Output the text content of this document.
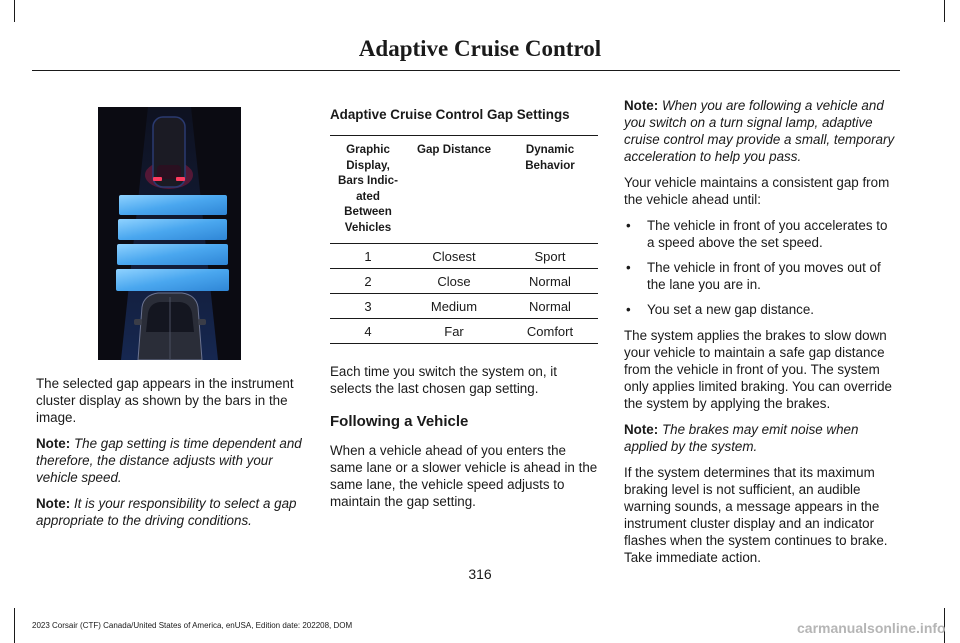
Adaptive Cruise Control

The selected gap appears in the instrument cluster display as shown by the bars in the image.

Note: The gap setting is time dependent and therefore, the distance adjusts with your vehicle speed.

Note: It is your responsibility to select a gap appropriate to the driving conditions.

Adaptive Cruise Control Gap Settings
Graphic Display, Bars Indic-ated Between Vehicles	Gap Distance	Dynamic Behavior
1	Closest	Sport
2	Close	Normal
3	Medium	Normal
4	Far	Comfort

Each time you switch the system on, it selects the last chosen gap setting.

Following a Vehicle

When a vehicle ahead of you enters the same lane or a slower vehicle is ahead in the same lane, the vehicle speed adjusts to maintain the gap setting.

Note: When you are following a vehicle and you switch on a turn signal lamp, adaptive cruise control may provide a small, temporary acceleration to help you pass.

Your vehicle maintains a consistent gap from the vehicle ahead until:

• The vehicle in front of you accelerates to a speed above the set speed.
• The vehicle in front of you moves out of the lane you are in.
• You set a new gap distance.

The system applies the brakes to slow down your vehicle to maintain a safe gap distance from the vehicle in front of you. The system only applies limited braking. You can override the system by applying the brakes.

Note: The brakes may emit noise when applied by the system.

If the system determines that its maximum braking level is not sufficient, an audible warning sounds, a message appears in the instrument cluster display and an indicator flashes when the system continues to brake. Take immediate action.

316
2023 Corsair (CTF) Canada/United States of America, enUSA, Edition date: 202208, DOM	carmanualsonline.info
